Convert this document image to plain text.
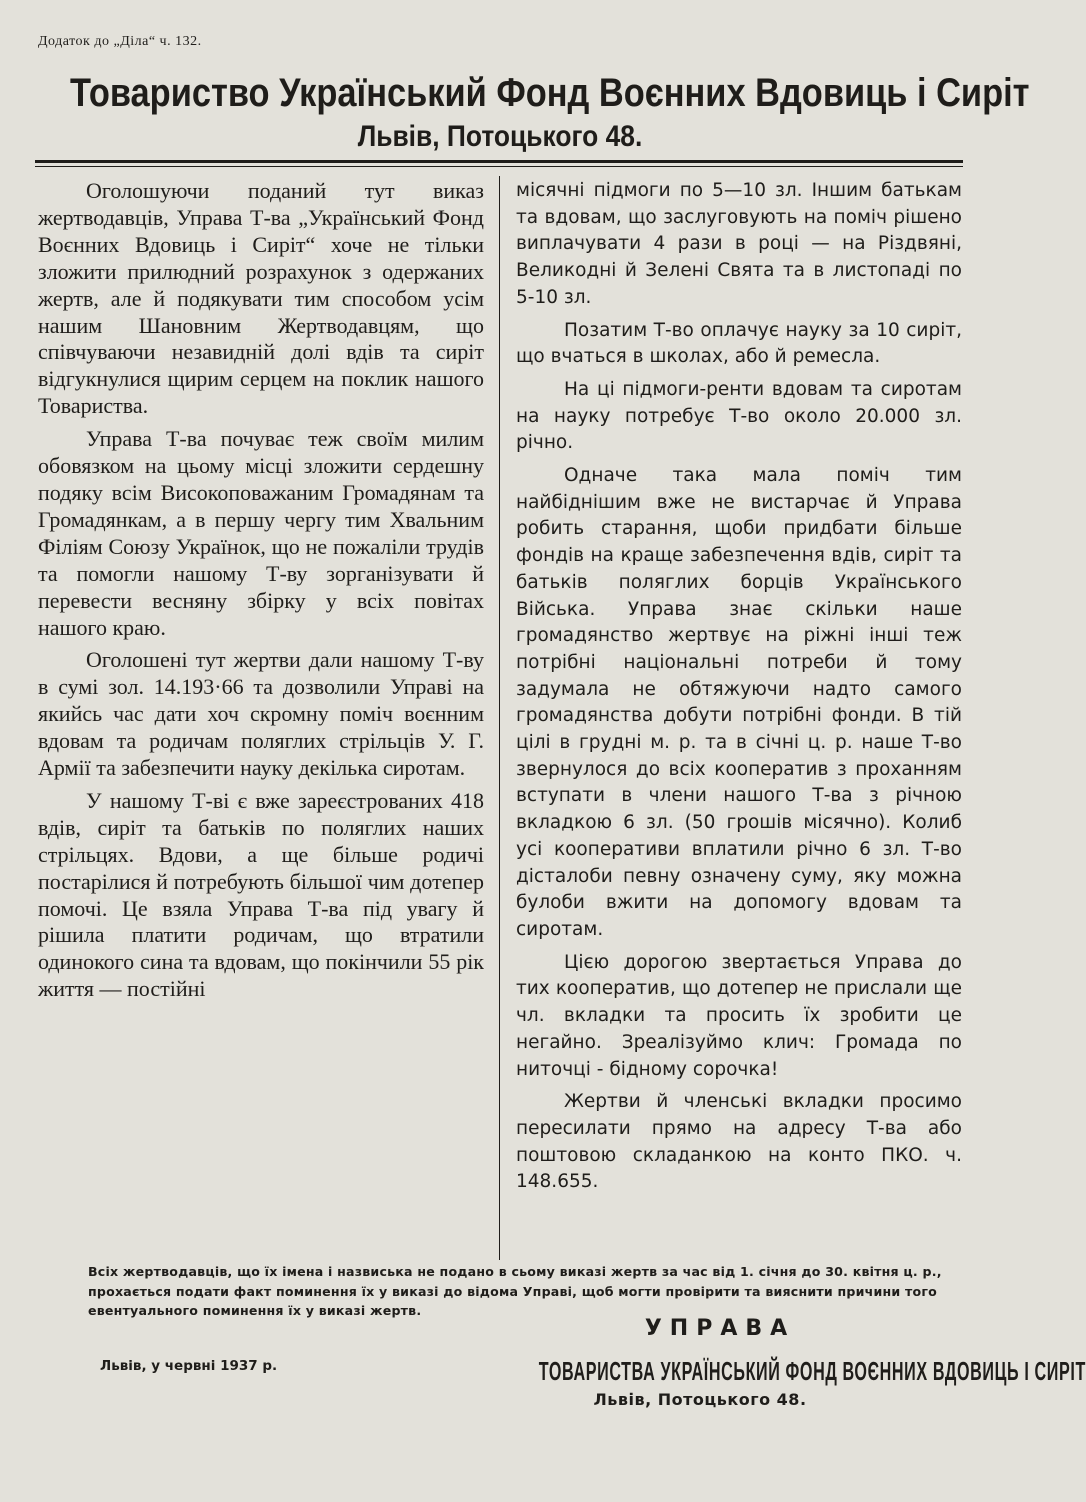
Додаток до „Діла“ ч. 132.
Товариство Український Фонд Воєнних Вдовиць і Сиріт
Львів, Потоцького 48.

Оголошуючи поданий тут виказ жертводавців, Управа Т-ва „Український Фонд Воєнних Вдовиць і Сиріт“ хоче не тільки зложити прилюдний розрахунок з одержаних жертв, але й подякувати тим способом усім нашим Шановним Жертводавцям, що співчуваючи незавидній долі вдів та сиріт відгукнулися щирим серцем на поклик нашого Товариства.

Управа Т-ва почуває теж своїм милим обовязком на цьому місці зложити сердешну подяку всім Високоповажаним Громадянам та Громадянкам, а в першу чергу тим Хвальним Філіям Союзу Українок, що не пожаліли трудів та помогли нашому Т-ву зорганізувати й перевести весняну збірку у всіх повітах нашого краю.

Оголошені тут жертви дали нашому Т-ву в сумі зол. 14.193·66 та дозволили Управі на якийсь час дати хоч скромну поміч воєнним вдовам та родичам поляглих стрільців У. Г. Армії та забезпечити науку декілька сиротам.

У нашому Т-ві є вже зареєстрованих 418 вдів, сиріт та батьків по поляглих наших стрільцях. Вдови, а ще більше родичі постарілися й потребують більшої чим дотепер помочі. Це взяла Управа Т-ва під увагу й рішила платити родичам, що втратили одинокого сина та вдовам, що покінчили 55 рік життя — постійні

місячні підмоги по 5—10 зл. Іншим батькам та вдовам, що заслуговують на поміч рішено виплачувати 4 рази в році — на Різдвяні, Великодні й Зелені Свята та в листопаді по 5-10 зл.

Позатим Т-во оплачує науку за 10 сиріт, що вчаться в школах, або й ремесла.

На ці підмоги-ренти вдовам та сиротам на науку потребує Т-во около 20.000 зл. річно.

Одначе така мала поміч тим найбіднішим вже не вистарчає й Управа робить старання, щоби придбати більше фондів на краще забезпечення вдів, сиріт та батьків поляглих борців Українського Війська. Управа знає скільки наше громадянство жертвує на ріжні інші теж потрібні національні потреби й тому задумала не обтяжуючи надто самого громадянства добути потрібні фонди. В тій цілі в грудні м. р. та в січні ц. р. наше Т-во звернулося до всіх кооператив з проханням вступати в члени нашого Т-ва з річною вкладкою 6 зл. (50 грошів місячно). Колиб усі кооперативи вплатили річно 6 зл. Т-во дісталоби певну означену суму, яку можна булоби вжити на допомогу вдовам та сиротам.

Цією дорогою звертається Управа до тих кооператив, що дотепер не прислали ще чл. вкладки та просить їх зробити це негайно. Зреалізуймо клич: Громада по ниточці - бідному сорочка!

Жертви й членські вкладки просимо пересилати прямо на адресу Т-ва або поштовою складанкою на конто ПКО. ч. 148.655.

Всіх жертводавців, що їх імена і назвиська не подано в сьому виказі жертв за час від 1. січня до 30. квітня ц. р., прохається подати факт поминення їх у виказі до відома Управі, щоб могти провірити та вияснити причини того евентуального поминення їх у виказі жертв.
Львів, у червні 1937 р.
УПРАВА
ТОВАРИСТВА УКРАЇНСЬКИЙ ФОНД ВОЄННИХ ВДОВИЦЬ І СИРІТ
Львів, Потоцького 48.
